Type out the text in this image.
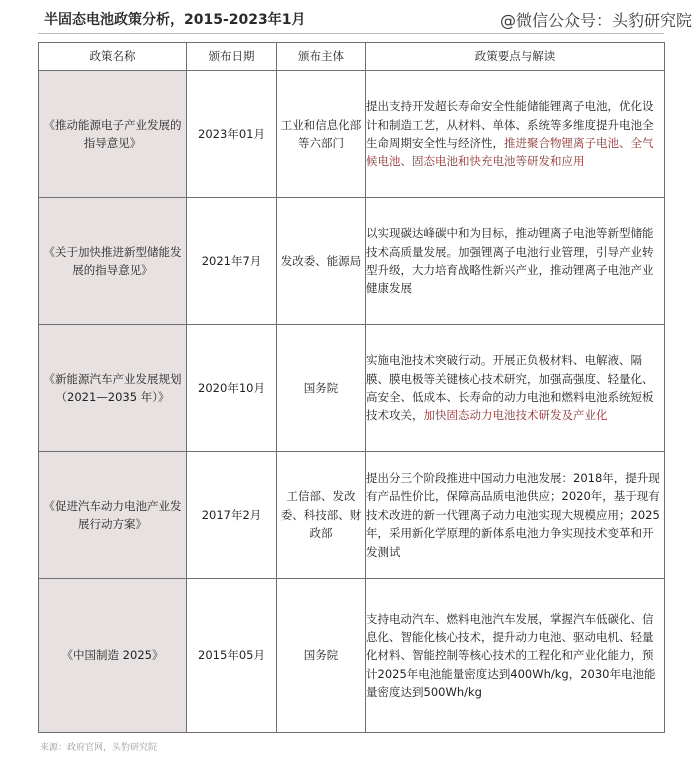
半固态电池政策分析，2015-2023年1月	@微信公众号：头豹研究院
政策名称	颁布日期	颁布主体	政策要点与解读
《推动能源电子产业发展的指导意见》	2023年01月	工业和信息化部等六部门	提出支持开发超长寿命安全性能储能锂离子电池，优化设计和制造工艺，从材料、单体、系统等多维度提升电池全生命周期安全性与经济性，推进聚合物锂离子电池、全气候电池、固态电池和快充电池等研发和应用
《关于加快推进新型储能发展的指导意见》	2021年7月	发改委、能源局	以实现碳达峰碳中和为目标，推动锂离子电池等新型储能技术高质量发展。加强锂离子电池行业管理，引导产业转型升级，大力培育战略性新兴产业，推动锂离子电池产业健康发展
《新能源汽车产业发展规划（2021—2035 年）》	2020年10月	国务院	实施电池技术突破行动。开展正负极材料、电解液、隔膜、膜电极等关键核心技术研究，加强高强度、轻量化、高安全、低成本、长寿命的动力电池和燃料电池系统短板技术攻关，加快固态动力电池技术研发及产业化
《促进汽车动力电池产业发展行动方案》	2017年2月	工信部、发改委、科技部、财政部	提出分三个阶段推进中国动力电池发展：2018年，提升现有产品性价比，保障高品质电池供应；2020年，基于现有技术改进的新一代锂离子动力电池实现大规模应用；2025年，采用新化学原理的新体系电池力争实现技术变革和开发测试
《中国制造 2025》	2015年05月	国务院	支持电动汽车、燃料电池汽车发展，掌握汽车低碳化、信息化、智能化核心技术，提升动力电池、驱动电机、轻量化材料、智能控制等核心技术的工程化和产业化能力，预计2025年电池能量密度达到400Wh/kg，2030年电池能量密度达到500Wh/kg
来源：政府官网，头豹研究院
